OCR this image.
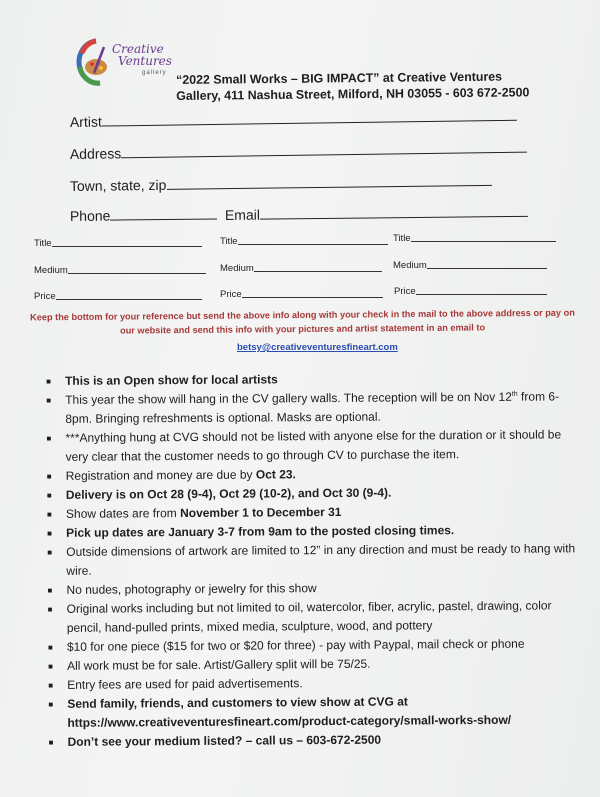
Creative
Ventures
gallery “2022 Small Works – BIG IMPACT” at Creative Ventures
Gallery, 411 Nashua Street, Milford, NH 03055 - 603 672-2500
Artist
Address
Town, state, zip
Phone	Email
Title	Title	Title
Medium	Medium	Medium
Price	Price	Price
Keep the bottom for your reference but send the above info along with your check in the mail to the above address or pay on our website and send this info with your pictures and artist statement in an email to
betsy@creativeventuresfineart.com
■ This is an Open show for local artists
■ This year the show will hang in the CV gallery walls. The reception will be on Nov 12th from 6-8pm. Bringing refreshments is optional. Masks are optional.
■ ***Anything hung at CVG should not be listed with anyone else for the duration or it should be very clear that the customer needs to go through CV to purchase the item.
■ Registration and money are due by Oct 23.
■ Delivery is on Oct 28 (9-4), Oct 29 (10-2), and Oct 30 (9-4).
■ Show dates are from November 1 to December 31
■ Pick up dates are January 3-7 from 9am to the posted closing times.
■ Outside dimensions of artwork are limited to 12” in any direction and must be ready to hang with wire.
■ No nudes, photography or jewelry for this show
■ Original works including but not limited to oil, watercolor, fiber, acrylic, pastel, drawing, color pencil, hand-pulled prints, mixed media, sculpture, wood, and pottery
■ $10 for one piece ($15 for two or $20 for three) - pay with Paypal, mail check or phone
■ All work must be for sale. Artist/Gallery split will be 75/25.
■ Entry fees are used for paid advertisements.
■ Send family, friends, and customers to view show at CVG at https://www.creativeventuresfineart.com/product-category/small-works-show/
■ Don’t see your medium listed? – call us – 603-672-2500
